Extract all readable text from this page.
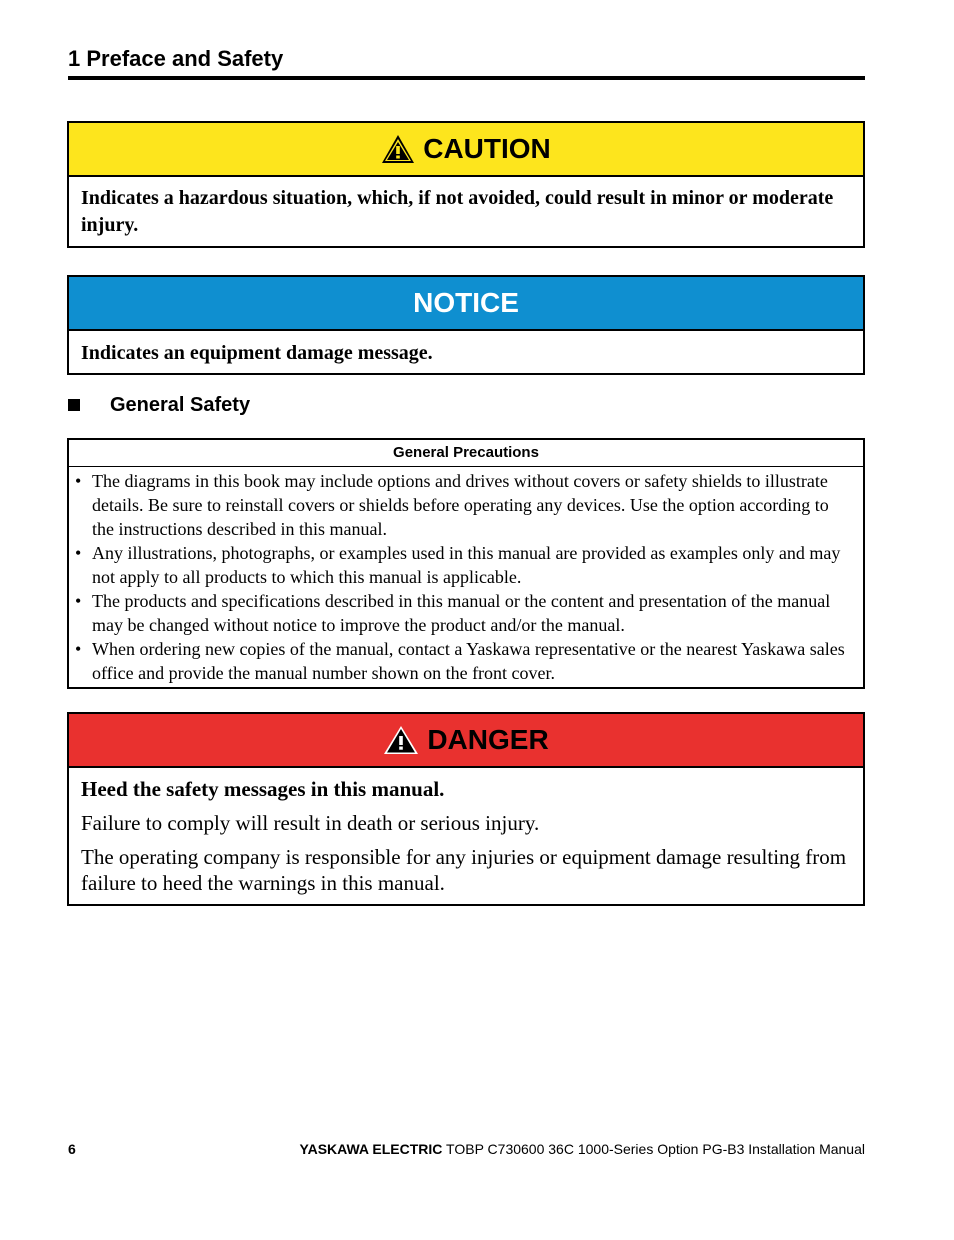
1 Preface and Safety
CAUTION
Indicates a hazardous situation, which, if not avoided, could result in minor or moderate injury.
NOTICE
Indicates an equipment damage message.
General Safety
General Precautions
• The diagrams in this book may include options and drives without covers or safety shields to illustrate details. Be sure to reinstall covers or shields before operating any devices. Use the option according to the instructions described in this manual.
• Any illustrations, photographs, or examples used in this manual are provided as examples only and may not apply to all products to which this manual is applicable.
• The products and specifications described in this manual or the content and presentation of the manual may be changed without notice to improve the product and/or the manual.
• When ordering new copies of the manual, contact a Yaskawa representative or the nearest Yaskawa sales office and provide the manual number shown on the front cover.
DANGER

Heed the safety messages in this manual.

Failure to comply will result in death or serious injury.

The operating company is responsible for any injuries or equipment damage resulting from failure to heed the warnings in this manual.

6	YASKAWA ELECTRIC TOBP C730600 36C 1000-Series Option PG-B3 Installation Manual
